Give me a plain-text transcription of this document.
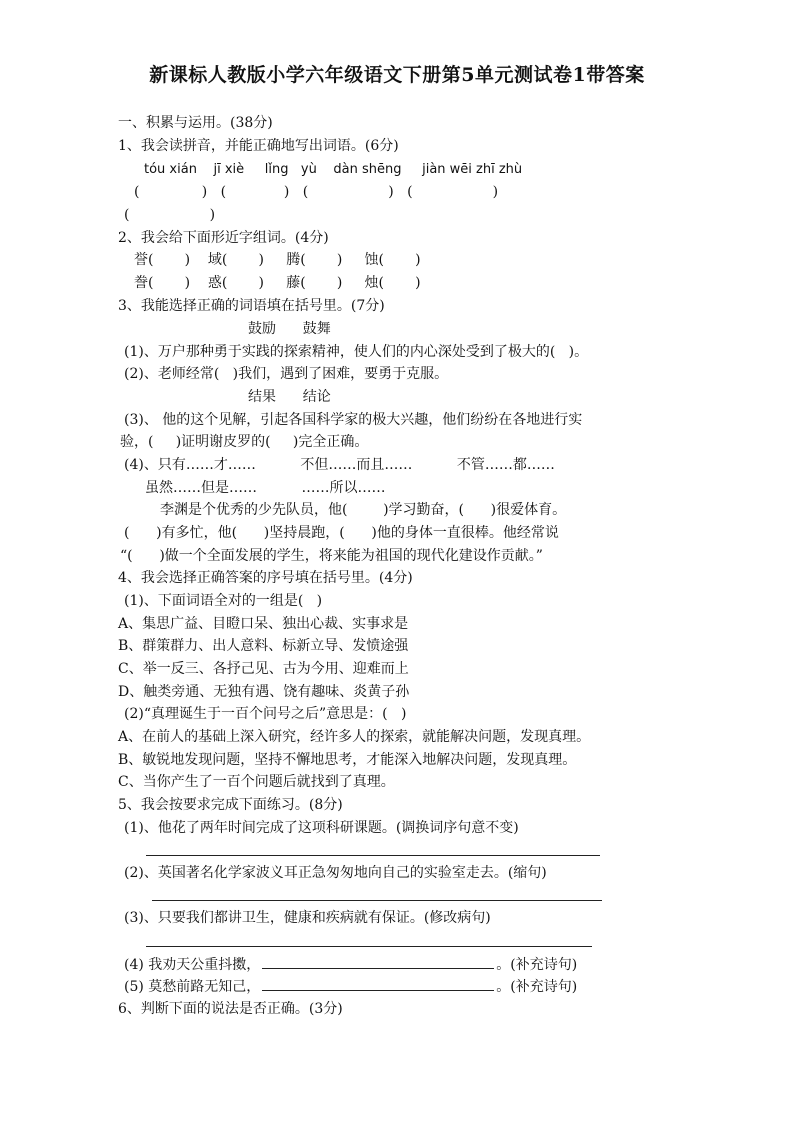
新课标人教版小学六年级语文下册第5单元测试卷1带答案
一、积累与运用。(38分)
1、我会读拼音，并能正确地写出词语。(6分)
tóu xián    jī xiè     lǐng   yù    dàn shēng     jiàn wēi zhī zhù
(              )   (             )   (                  )   (                  )
(                  )
2、我会给下面形近字组词。(4分)
誉(       )    域(       )     腾(       )     蚀(       )
誊(       )    惑(       )     藤(       )     烛(       )
3、我能选择正确的词语填在括号里。(7分)
鼓励      鼓舞
(1)、万户那种勇于实践的探索精神，使人们的内心深处受到了极大的(   )。
(2)、老师经常(   )我们，遇到了困难，要勇于克服。
结果      结论
(3)、 他的这个见解，引起各国科学家的极大兴趣，他们纷纷在各地进行实
验，(     )证明谢皮罗的(     )完全正确。
(4)、只有……才……          不但……而且……          不管……都……
虽然……但是……          ……所以……
李渊是个优秀的少先队员，他(        )学习勤奋，(      )很爱体育。
(      )有多忙，他(      )坚持晨跑，(      )他的身体一直很棒。他经常说
“(      )做一个全面发展的学生，将来能为祖国的现代化建设作贡献。”
4、我会选择正确答案的序号填在括号里。(4分)
(1)、下面词语全对的一组是(   )
A、集思广益、目瞪口呆、独出心裁、实事求是
B、群策群力、出人意料、标新立导、发愤途强
C、举一反三、各抒己见、古为今用、迎难而上
D、触类旁通、无独有遇、饶有趣味、炎黄子孙
(2)“真理诞生于一百个问号之后”意思是：(   )
A、在前人的基础上深入研究，经许多人的探索，就能解决问题，发现真理。
B、敏锐地发现问题，坚持不懈地思考，才能深入地解决问题，发现真理。
C、当你产生了一百个问题后就找到了真理。
5、我会按要求完成下面练习。(8分)
(1)、他花了两年时间完成了这项科研课题。(调换词序句意不变)
(2)、英国著名化学家波义耳正急匆匆地向自己的实验室走去。(缩句)
(3)、只要我们都讲卫生，健康和疾病就有保证。(修改病句)
(4) 我劝天公重抖擞，	。(补充诗句)
(5) 莫愁前路无知己，	。(补充诗句)
6、判断下面的说法是否正确。(3分)
